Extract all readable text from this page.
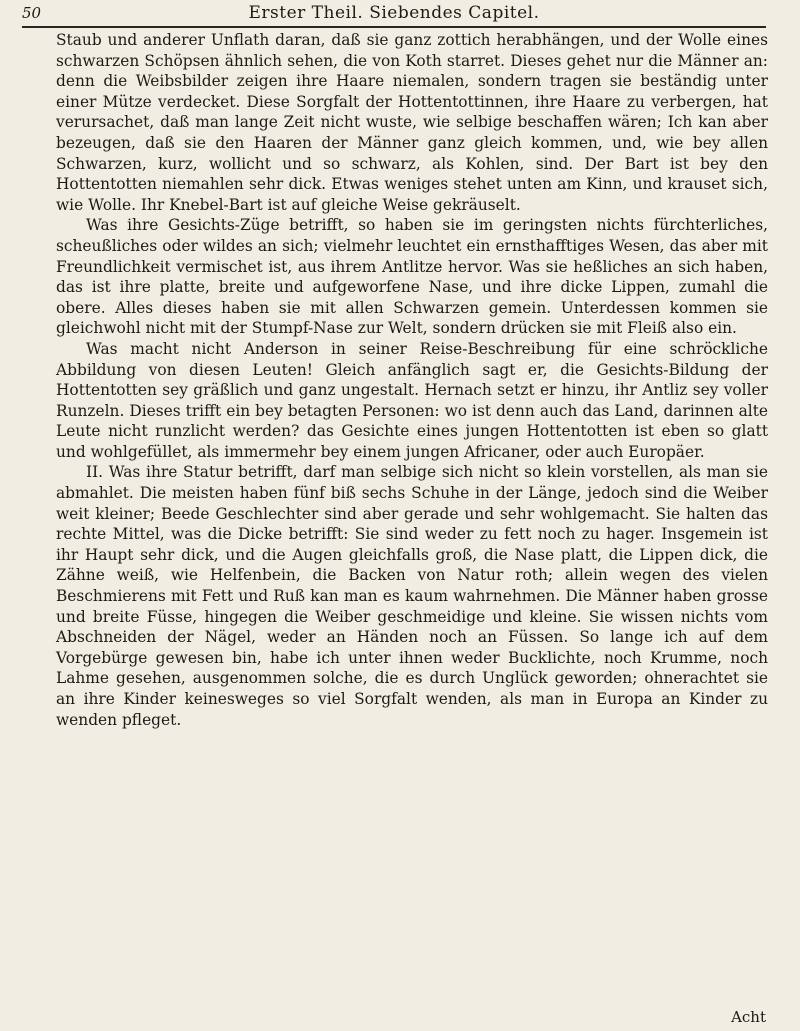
50	Erster Theil. Siebendes Capitel.

Staub und anderer Unflath daran, daß sie ganz zottich herabhängen, und der Wolle eines schwarzen Schöpsen ähnlich sehen, die von Koth starret. Dieses gehet nur die Männer an: denn die Weibsbilder zeigen ihre Haare niemalen, sondern tragen sie beständig unter einer Mütze verdecket. Diese Sorgfalt der Hottentottinnen, ihre Haare zu verbergen, hat verursachet, daß man lange Zeit nicht wuste, wie selbige beschaffen wären; Ich kan aber bezeugen, daß sie den Haaren der Männer ganz gleich kommen, und, wie bey allen Schwarzen, kurz, wollicht und so schwarz, als Kohlen, sind. Der Bart ist bey den Hottentotten niemahlen sehr dick. Etwas weniges stehet unten am Kinn, und krauset sich, wie Wolle. Ihr Knebel-Bart ist auf gleiche Weise gekräuselt.

Was ihre Gesichts-Züge betrifft, so haben sie im geringsten nichts fürchterliches, scheußliches oder wildes an sich; vielmehr leuchtet ein ernsthafftiges Wesen, das aber mit Freundlichkeit vermischet ist, aus ihrem Antlitze hervor. Was sie heßliches an sich haben, das ist ihre platte, breite und aufgeworfene Nase, und ihre dicke Lippen, zumahl die obere. Alles dieses haben sie mit allen Schwarzen gemein. Unterdessen kommen sie gleichwohl nicht mit der Stumpf-Nase zur Welt, sondern drücken sie mit Fleiß also ein.

Was macht nicht Anderson in seiner Reise-Beschreibung für eine schröckliche Abbildung von diesen Leuten! Gleich anfänglich sagt er, die Gesichts-Bildung der Hottentotten sey gräßlich und ganz ungestalt. Hernach setzt er hinzu, ihr Antliz sey voller Runzeln. Dieses trifft ein bey betagten Personen: wo ist denn auch das Land, darinnen alte Leute nicht runzlicht werden? das Gesichte eines jungen Hottentotten ist eben so glatt und wohlgefüllet, als immermehr bey einem jungen Africaner, oder auch Europäer.

II. Was ihre Statur betrifft, darf man selbige sich nicht so klein vorstellen, als man sie abmahlet. Die meisten haben fünf biß sechs Schuhe in der Länge, jedoch sind die Weiber weit kleiner; Beede Geschlechter sind aber gerade und sehr wohlgemacht. Sie halten das rechte Mittel, was die Dicke betrifft: Sie sind weder zu fett noch zu hager. Insgemein ist ihr Haupt sehr dick, und die Augen gleichfalls groß, die Nase platt, die Lippen dick, die Zähne weiß, wie Helfenbein, die Backen von Natur roth; allein wegen des vielen Beschmierens mit Fett und Ruß kan man es kaum wahrnehmen. Die Männer haben grosse und breite Füsse, hingegen die Weiber geschmeidige und kleine. Sie wissen nichts vom Abschneiden der Nägel, weder an Händen noch an Füssen. So lange ich auf dem Vorgebürge gewesen bin, habe ich unter ihnen weder Bucklichte, noch Krumme, noch Lahme gesehen, ausgenommen solche, die es durch Unglück geworden; ohnerachtet sie an ihre Kinder keinesweges so viel Sorgfalt wenden, als man in Europa an Kinder zu wenden pfleget.

Acht
